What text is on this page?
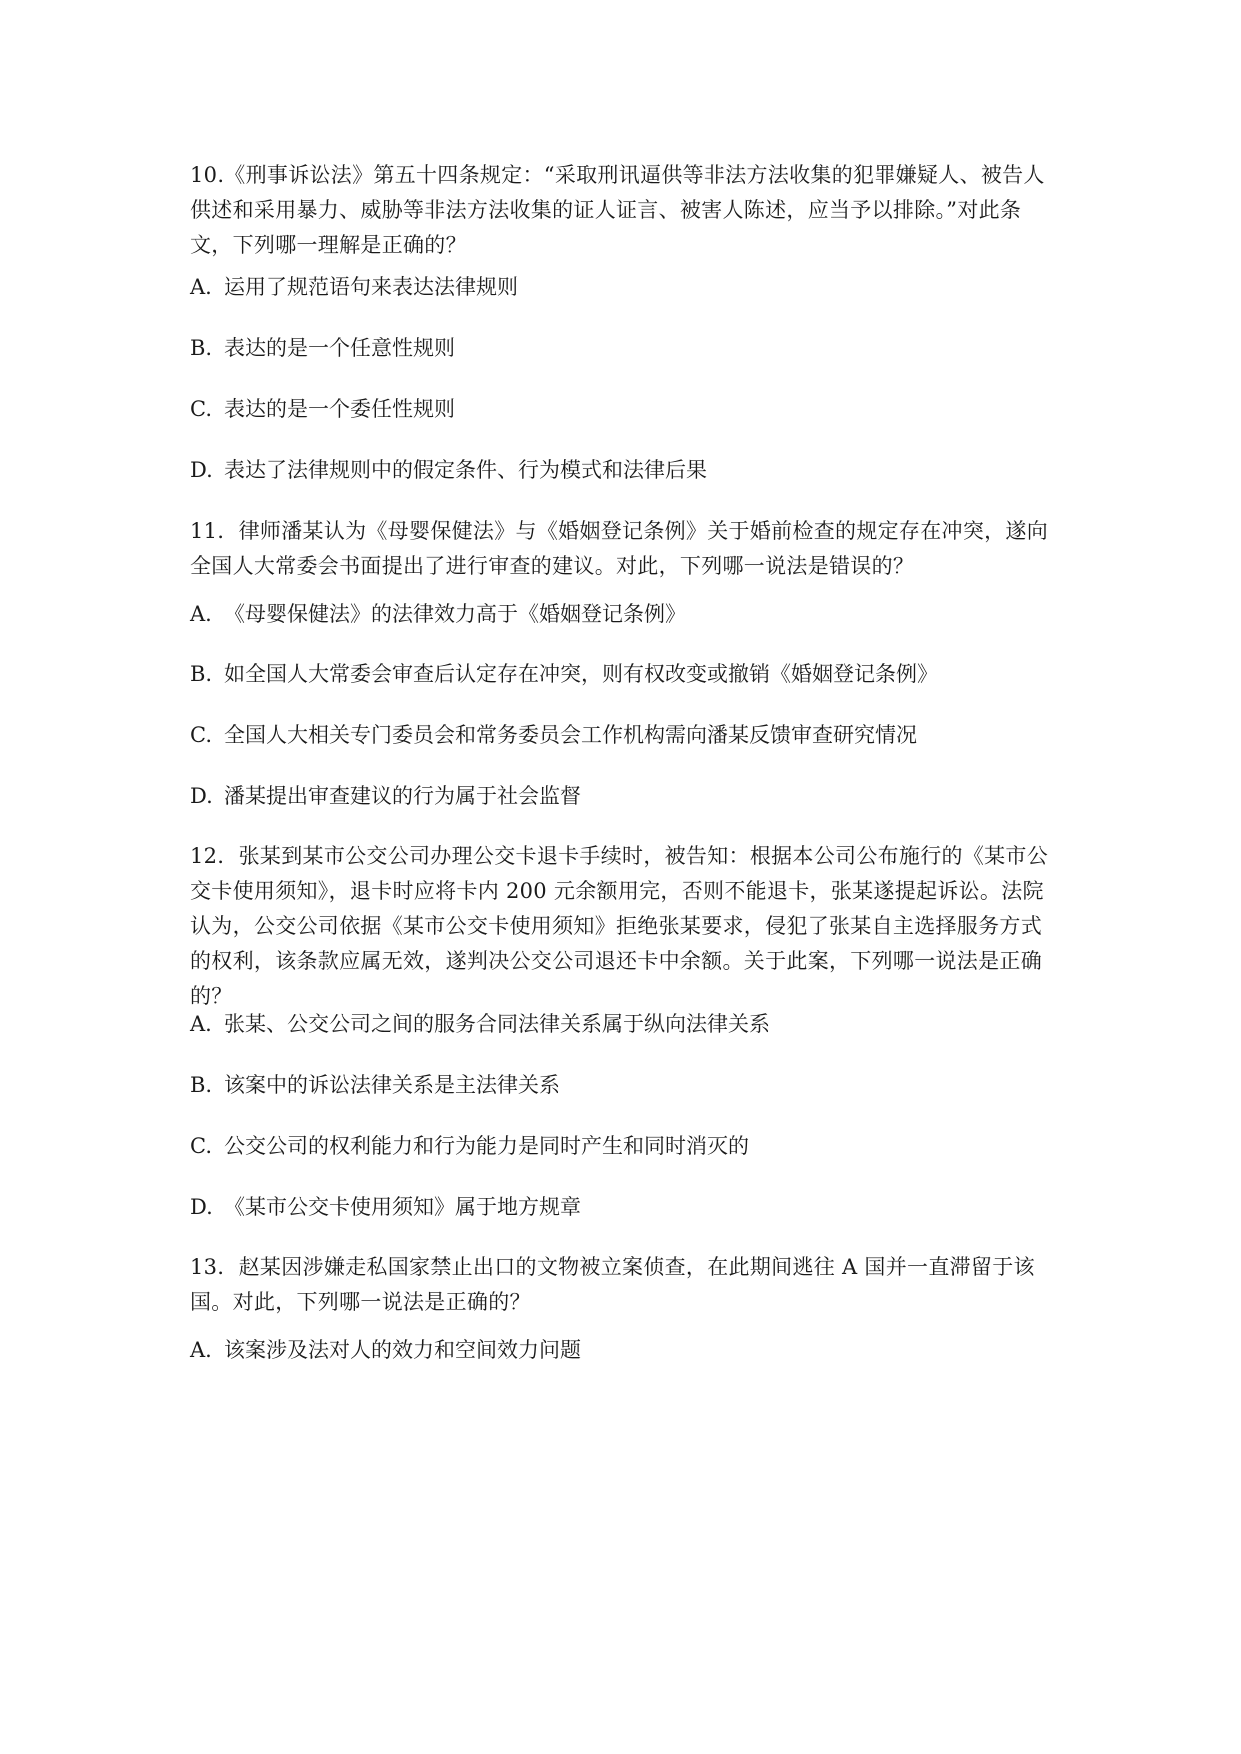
10.《刑事诉讼法》第五十四条规定：“采取刑讯逼供等非法方法收集的犯罪嫌疑人、被告人供述和采用暴力、威胁等非法方法收集的证人证言、被害人陈述，应当予以排除。”对此条文，下列哪一理解是正确的？

A. 运用了规范语句来表达法律规则
B. 表达的是一个任意性规则
C. 表达的是一个委任性规则
D. 表达了法律规则中的假定条件、行为模式和法律后果

11．律师潘某认为《母婴保健法》与《婚姻登记条例》关于婚前检查的规定存在冲突，遂向全国人大常委会书面提出了进行审查的建议。对此，下列哪一说法是错误的？

A. 《母婴保健法》的法律效力高于《婚姻登记条例》
B. 如全国人大常委会审查后认定存在冲突，则有权改变或撤销《婚姻登记条例》
C. 全国人大相关专门委员会和常务委员会工作机构需向潘某反馈审查研究情况
D. 潘某提出审查建议的行为属于社会监督

12．张某到某市公交公司办理公交卡退卡手续时，被告知：根据本公司公布施行的《某市公交卡使用须知》，退卡时应将卡内 200 元余额用完，否则不能退卡，张某遂提起诉讼。法院认为，公交公司依据《某市公交卡使用须知》拒绝张某要求，侵犯了张某自主选择服务方式的权利，该条款应属无效，遂判决公交公司退还卡中余额。关于此案，下列哪一说法是正确的？

A. 张某、公交公司之间的服务合同法律关系属于纵向法律关系
B. 该案中的诉讼法律关系是主法律关系
C. 公交公司的权利能力和行为能力是同时产生和同时消灭的
D. 《某市公交卡使用须知》属于地方规章

13．赵某因涉嫌走私国家禁止出口的文物被立案侦查，在此期间逃往 A 国并一直滞留于该国。对此，下列哪一说法是正确的？

A. 该案涉及法对人的效力和空间效力问题
